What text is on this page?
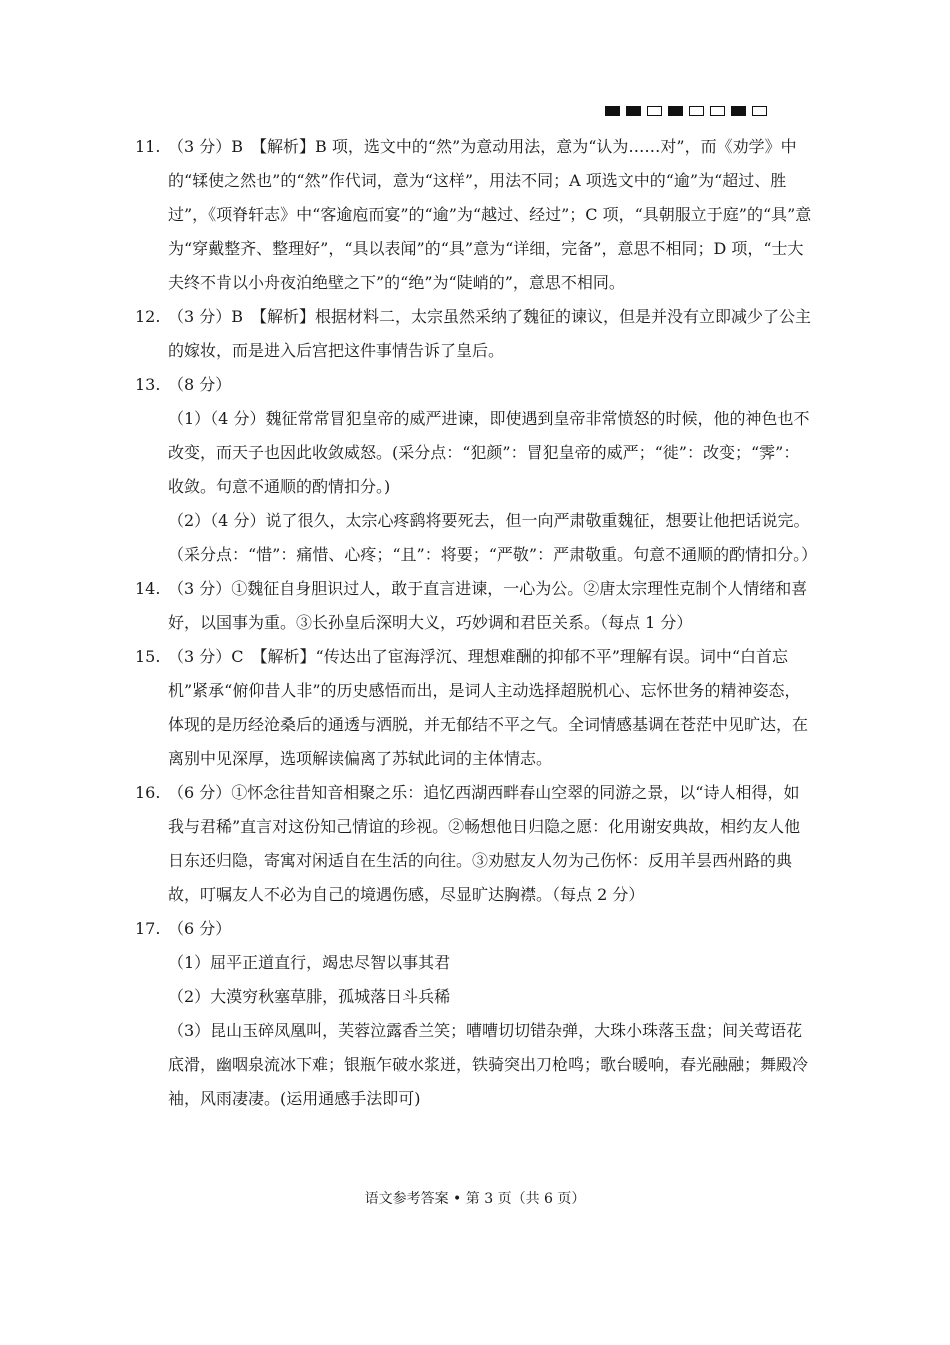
11. （3 分）B　【解析】B 项，选文中的“然”为意动用法，意为“认为……对”，而《劝学》中的“𫐓使之然也”的“然”作代词，意为“这样”，用法不同；A 项选文中的“逾”为“超过、胜过”，《项脊轩志》中“客逾庖而宴”的“逾”为“越过、经过”；C 项，“具朝服立于庭”的“具”意为“穿戴整齐、整理好”，“具以表闻”的“具”意为“详细，完备”，意思不相同；D 项，“士大夫终不肯以小舟夜泊绝壁之下”的“绝”为“陡峭的”，意思不相同。
12. （3 分）B　【解析】根据材料二，太宗虽然采纳了魏征的谏议，但是并没有立即减少了公主的嫁妆，而是进入后宫把这件事情告诉了皇后。
13. （8 分）

（1）（4 分）魏征常常冒犯皇帝的威严进谏，即使遇到皇帝非常愤怒的时候，他的神色也不改变，而天子也因此收敛威怒。(采分点：“犯颜”：冒犯皇帝的威严；“徙”：改变；“霁”：收敛。句意不通顺的酌情扣分。)

（2）（4 分）说了很久，太宗心疼鹞将要死去，但一向严肃敬重魏征，想要让他把话说完。（采分点：“惜”：痛惜、心疼；“且”：将要；“严敬”：严肃敬重。句意不通顺的酌情扣分。）

14. （3 分）①魏征自身胆识过人，敢于直言进谏，一心为公。②唐太宗理性克制个人情绪和喜好，以国事为重。③长孙皇后深明大义，巧妙调和君臣关系。（每点 1 分）
15. （3 分）C　【解析】“传达出了宦海浮沉、理想难酬的抑郁不平”理解有误。词中“白首忘机”紧承“俯仰昔人非”的历史感悟而出，是词人主动选择超脱机心、忘怀世务的精神姿态，体现的是历经沧桑后的通透与洒脱，并无郁结不平之气。全词情感基调在苍茫中见旷达，在离别中见深厚，选项解读偏离了苏轼此词的主体情志。
16. （6 分）①怀念往昔知音相聚之乐：追忆西湖西畔春山空翠的同游之景，以“诗人相得，如我与君稀”直言对这份知己情谊的珍视。②畅想他日归隐之愿：化用谢安典故，相约友人他日东还归隐，寄寓对闲适自在生活的向往。③劝慰友人勿为己伤怀：反用羊昙西州路的典故，叮嘱友人不必为自己的境遇伤感，尽显旷达胸襟。（每点 2 分）
17. （6 分）

（1）屈平正道直行，竭忠尽智以事其君

（2）大漠穷秋塞草腓，孤城落日斗兵稀

（3）昆山玉碎凤凰叫，芙蓉泣露香兰笑；嘈嘈切切错杂弹，大珠小珠落玉盘；间关莺语花底滑，幽咽泉流冰下难；银瓶乍破水浆迸，铁骑突出刀枪鸣；歌台暖响，春光融融；舞殿冷袖，风雨凄凄。(运用通感手法即可)

语文参考答案 • 第 3 页（共 6 页）
